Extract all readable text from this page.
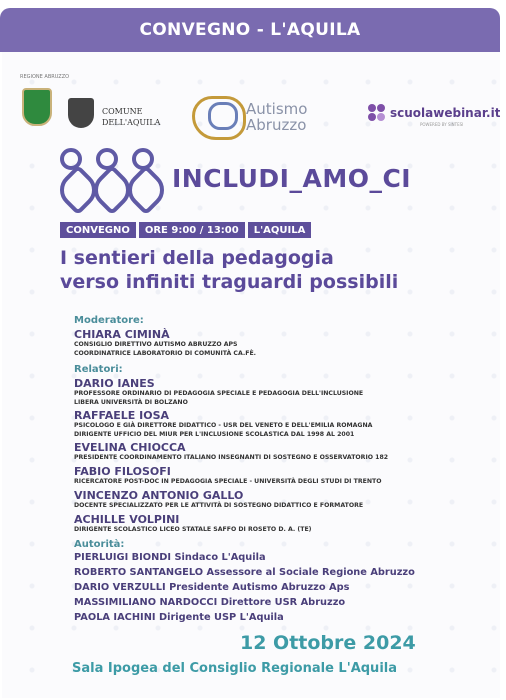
CONVEGNO - L'AQUILA
REGIONE ABRUZZO
COMUNE
DELL'AQUILA
Autismo
Abruzzo
scuolawebinar.it
POWERED BY SINTESI
INCLUDI_AMO_CI
CONVEGNO	ORE 9:00 / 13:00	L'AQUILA
I sentieri della pedagogia
verso infiniti traguardi possibili
Moderatore:
CHIARA CIMINÀ
CONSIGLIO DIRETTIVO AUTISMO ABRUZZO APS
COORDINATRICE LABORATORIO DI COMUNITÀ CA.FÈ.
Relatori:
DARIO IANES
PROFESSORE ORDINARIO DI PEDAGOGIA SPECIALE E PEDAGOGIA DELL'INCLUSIONE
LIBERA UNIVERSITÀ DI BOLZANO
RAFFAELE IOSA
PSICOLOGO E GIÀ DIRETTORE DIDATTICO - USR DEL VENETO E DELL'EMILIA ROMAGNA
DIRIGENTE UFFICIO DEL MIUR PER L'INCLUSIONE SCOLASTICA DAL 1998 AL 2001
EVELINA CHIOCCA
PRESIDENTE COORDINAMENTO ITALIANO INSEGNANTI DI SOSTEGNO E OSSERVATORIO 182
FABIO FILOSOFI
RICERCATORE POST-DOC IN PEDAGOGIA SPECIALE - UNIVERSITÀ DEGLI STUDI DI TRENTO
VINCENZO ANTONIO GALLO
DOCENTE SPECIALIZZATO PER LE ATTIVITÀ DI SOSTEGNO DIDATTICO E FORMATORE
ACHILLE VOLPINI
DIRIGENTE SCOLASTICO LICEO STATALE SAFFO DI ROSETO D. A. (TE)
Autorità:
PIERLUIGI BIONDI Sindaco L'Aquila
ROBERTO SANTANGELO Assessore al Sociale Regione Abruzzo
DARIO VERZULLI Presidente Autismo Abruzzo Aps
MASSIMILIANO NARDOCCI Direttore USR Abruzzo
PAOLA IACHINI Dirigente USP L'Aquila
12 Ottobre 2024
Sala Ipogea del Consiglio Regionale L'Aquila
